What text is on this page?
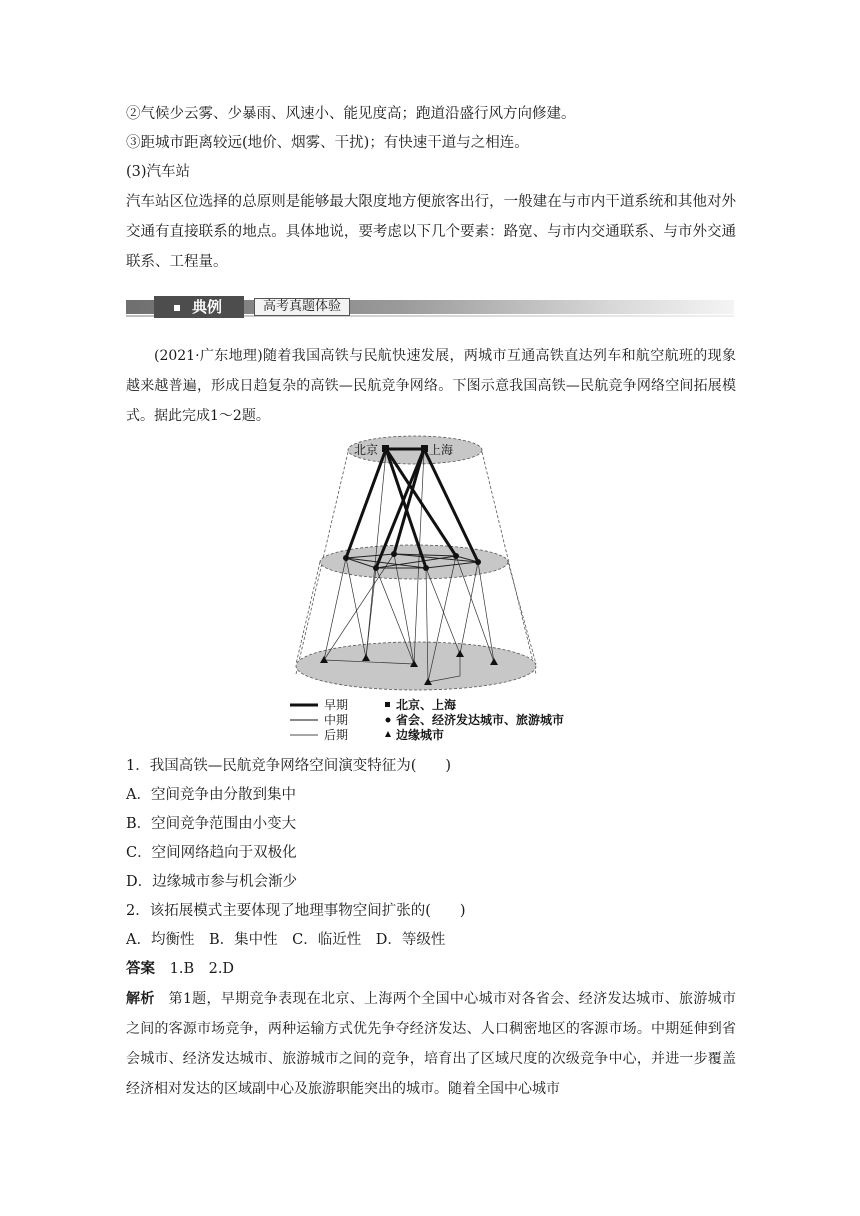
②气候少云雾、少暴雨、风速小、能见度高；跑道沿盛行风方向修建。
③距城市距离较远(地价、烟雾、干扰)；有快速干道与之相连。
(3)汽车站
汽车站区位选择的总原则是能够最大限度地方便旅客出行，一般建在与市内干道系统和其他对外交通有直接联系的地点。具体地说，要考虑以下几个要素：路宽、与市内交通联系、与市外交通联系、工程量。
典例	高考真题体验
(2021·广东地理)随着我国高铁与民航快速发展，两城市互通高铁直达列车和航空航班的现象越来越普遍，形成日趋复杂的高铁—民航竞争网络。下图示意我国高铁—民航竞争网络空间拓展模式。据此完成1～2题。
北京	上海
早期
中期
后期
北京、上海
省会、经济发达城市、旅游城市
边缘城市
1．我国高铁—民航竞争网络空间演变特征为(　　)
A．空间竞争由分散到集中
B．空间竞争范围由小变大
C．空间网络趋向于双极化
D．边缘城市参与机会渐少
2．该拓展模式主要体现了地理事物空间扩张的(　　)
A．均衡性　B．集中性　C．临近性　D．等级性
答案 1.B　2.D
解析 第1题，早期竞争表现在北京、上海两个全国中心城市对各省会、经济发达城市、旅游城市之间的客源市场竞争，两种运输方式优先争夺经济发达、人口稠密地区的客源市场。中期延伸到省会城市、经济发达城市、旅游城市之间的竞争，培育出了区域尺度的次级竞争中心，并进一步覆盖经济相对发达的区域副中心及旅游职能突出的城市。随着全国中心城市
